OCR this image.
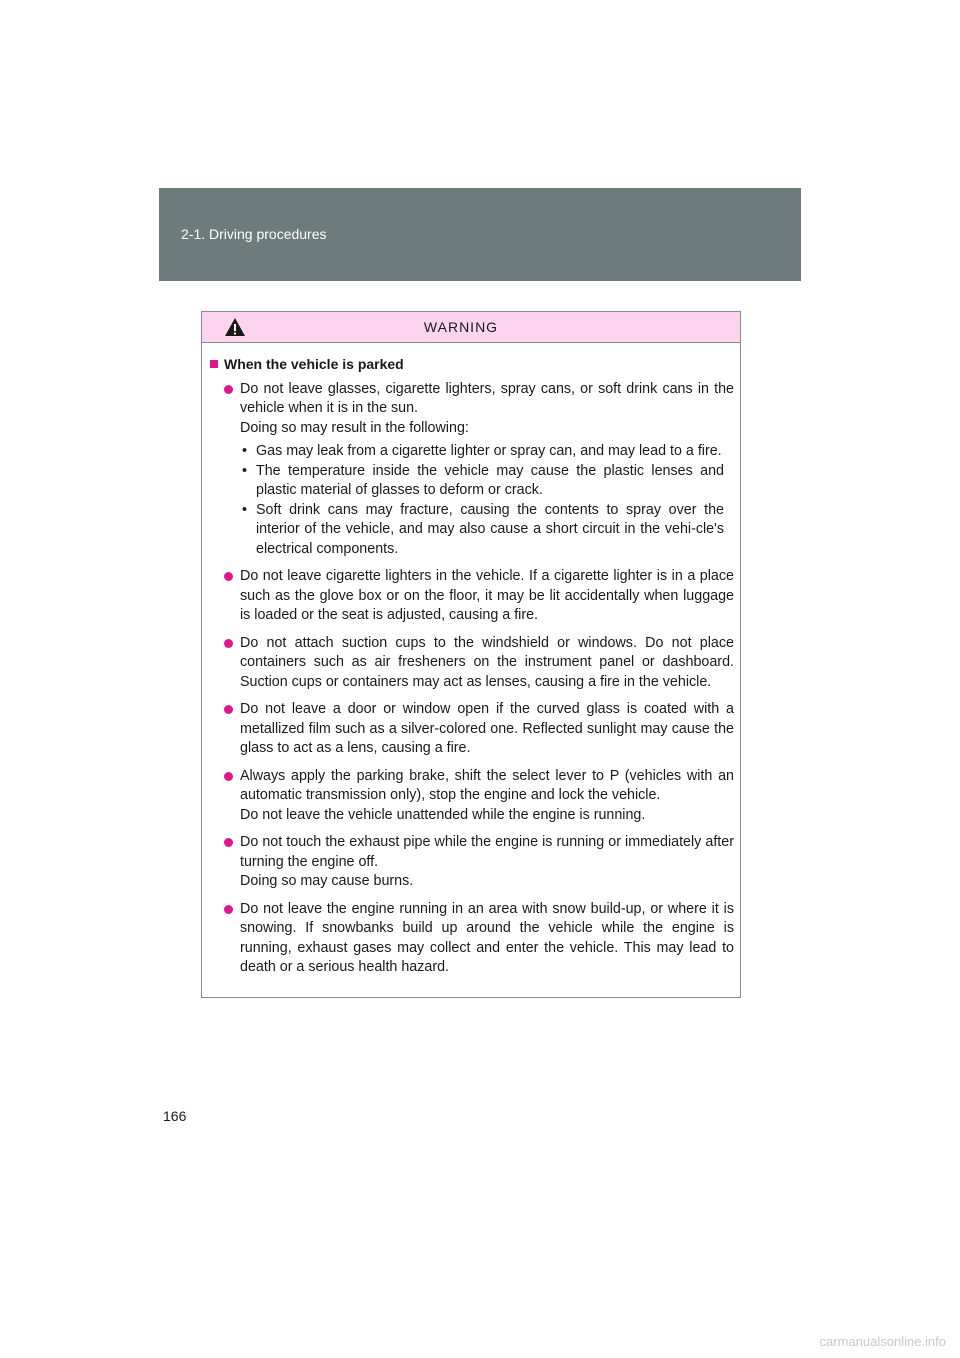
2-1. Driving procedures
WARNING
When the vehicle is parked

Do not leave glasses, cigarette lighters, spray cans, or soft drink cans in the vehicle when it is in the sun.

Doing so may result in the following:

• Gas may leak from a cigarette lighter or spray can, and may lead to a fire.
• The temperature inside the vehicle may cause the plastic lenses and plastic material of glasses to deform or crack.
• Soft drink cans may fracture, causing the contents to spray over the interior of the vehicle, and may also cause a short circuit in the vehi-cle's electrical components.

Do not leave cigarette lighters in the vehicle. If a cigarette lighter is in a place such as the glove box or on the floor, it may be lit accidentally when luggage is loaded or the seat is adjusted, causing a fire.

Do not attach suction cups to the windshield or windows. Do not place containers such as air fresheners on the instrument panel or dashboard. Suction cups or containers may act as lenses, causing a fire in the vehicle.

Do not leave a door or window open if the curved glass is coated with a metallized film such as a silver-colored one. Reflected sunlight may cause the glass to act as a lens, causing a fire.

Always apply the parking brake, shift the select lever to P (vehicles with an automatic transmission only), stop the engine and lock the vehicle.

Do not leave the vehicle unattended while the engine is running.

Do not touch the exhaust pipe while the engine is running or immediately after turning the engine off.

Doing so may cause burns.

Do not leave the engine running in an area with snow build-up, or where it is snowing. If snowbanks build up around the vehicle while the engine is running, exhaust gases may collect and enter the vehicle. This may lead to death or a serious health hazard.

166
carmanualsonline.info
